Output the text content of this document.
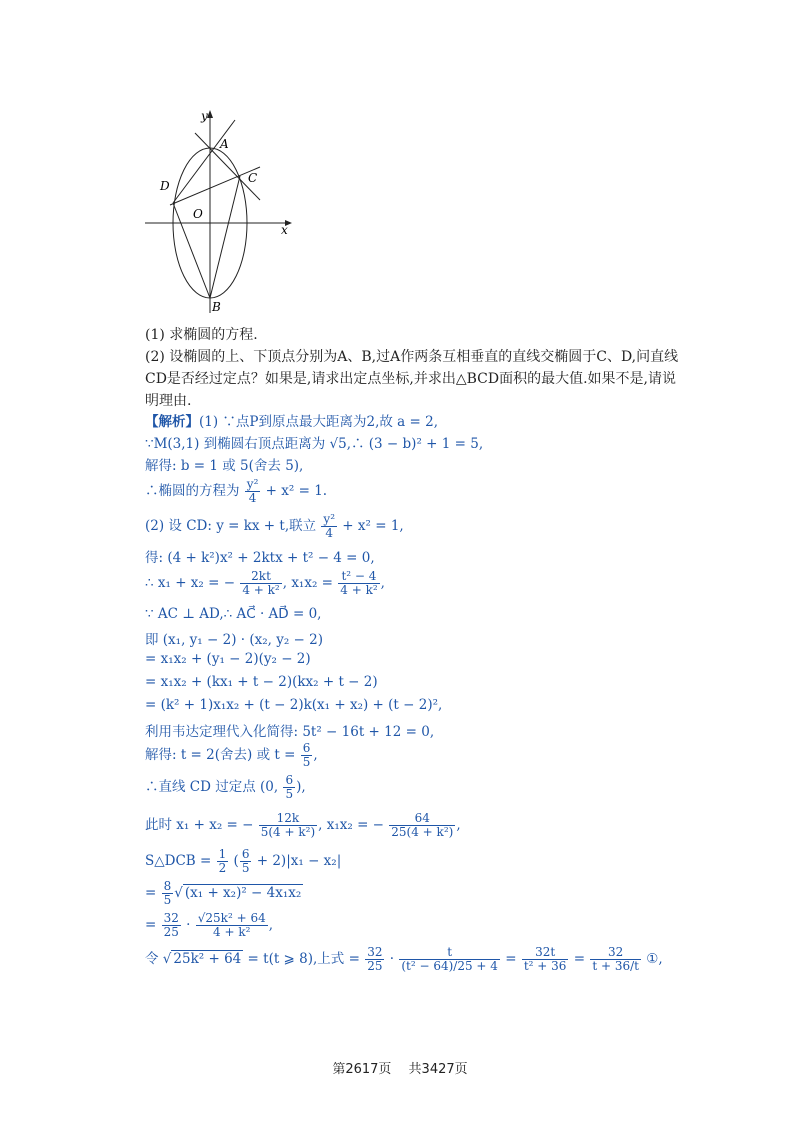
y
x
O
A
B
C
D
(1) 求椭圆的方程.
(2) 设椭圆的上、下顶点分别为A、B,过A作两条互相垂直的直线交椭圆于C、D,问直线CD是否经过定点？如果是,请求出定点坐标,并求出△BCD面积的最大值.如果不是,请说明理由.
【解析】(1) ∵点P到原点最大距离为2,故 a = 2,
∵M(3,1) 到椭圆右顶点距离为 √5,∴ (3 − b)² + 1 = 5,
解得: b = 1 或 5(舍去 5),
∴椭圆的方程为 $\frac{\text{y²}}{4} + x^2 = 1$.
(2) 设 CD: y = kx + t,联立 $\frac{\text{y²}}{4} + x^2 = 1$,
得: (4 + k²)x² + 2ktx + t² − 4 = 0,
∴ x₁ + x₂ = − $\frac{2kt}{\text{4 + k²}}$ , $x_1x_2 = \frac{\text{t² − 4}}{\text{4 + k²}}$ ,
∵ AC ⊥ AD,∴ AC⃗ · AD⃗ = 0,
即 (x₁, y₁ − 2) · (x₂, y₂ − 2)
= x₁x₂ + (y₁ − 2)(y₂ − 2)
= x₁x₂ + (kx₁ + t − 2)(kx₂ + t − 2)
= (k² + 1)x₁x₂ + (t − 2)k(x₁ + x₂) + (t − 2)²,
利用韦达定理代入化简得: 5t² − 16t + 12 = 0,
解得: t = 2(舍去) 或 $t = \frac{6}{5}$ ,
∴直线 CD 过定点 (0, $\frac{6}{5}$ ),
此时 x₁ + x₂ = − $\frac{12k}{\text{5(4 + k²)}}$ , x₁x₂ = − $\frac{64}{\text{25(4 + k²)}}$ ,
S△DCB = $\frac{1}{2}$ ( $\frac{6}{5} + 2)|x_1 - x_2|$
= $\frac{8}{5}$ √ (x₁ + x₂)² − 4x₁x₂
= $\frac{32}{25} \cdot \frac{\text{√25k² + 64}}{\text{4 + k²}}$ ,
令 √ 25k² + 64 = t(t ⩾ 8),上式 = $\frac{32}{25} \cdot \frac{t}{\text{(t² − 64)/25 + 4}} = \frac{32t}{\text{t² + 36}} = \frac{32}{t + 36/t}$ ①,
第2617页　 共3427页
